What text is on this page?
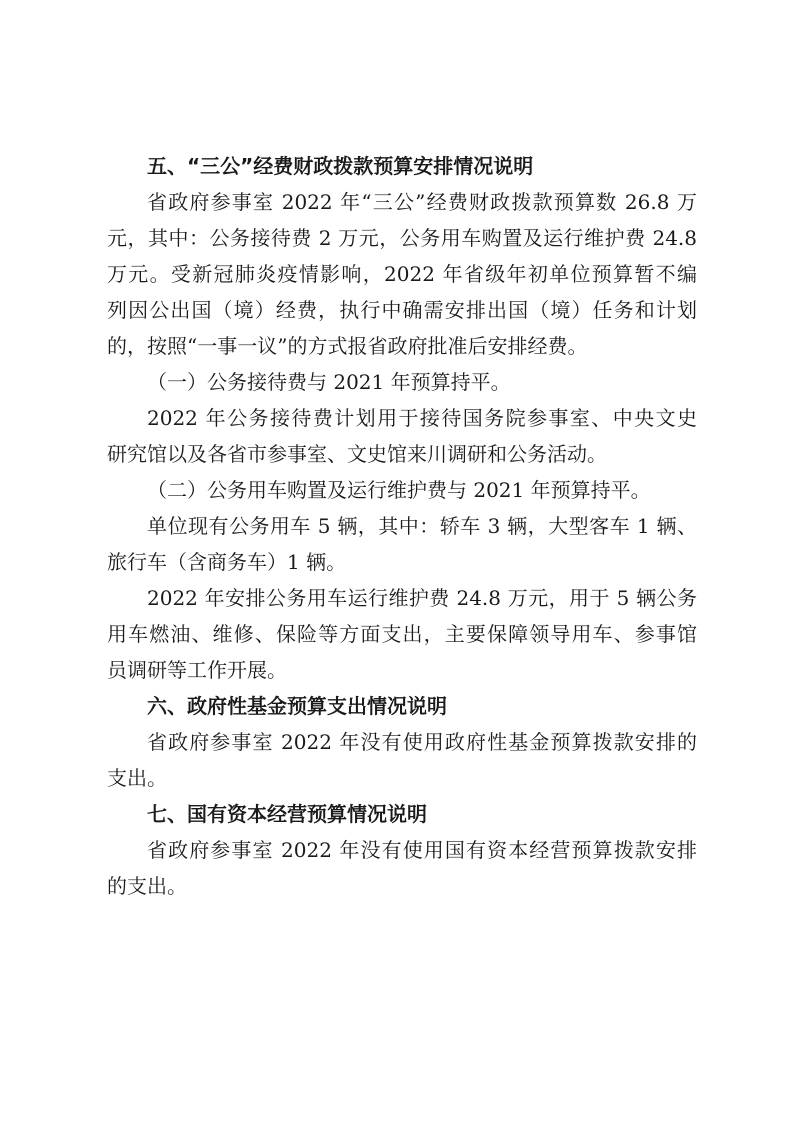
五、“三公”经费财政拨款预算安排情况说明
省政府参事室 2022 年“三公”经费财政拨款预算数 26.8 万
元，其中：公务接待费 2 万元，公务用车购置及运行维护费 24.8
万元。受新冠肺炎疫情影响，2022 年省级年初单位预算暂不编
列因公出国（境）经费，执行中确需安排出国（境）任务和计划
的，按照“一事一议”的方式报省政府批准后安排经费。
（一）公务接待费与 2021 年预算持平。
2022 年公务接待费计划用于接待国务院参事室、中央文史
研究馆以及各省市参事室、文史馆来川调研和公务活动。
（二）公务用车购置及运行维护费与 2021 年预算持平。
单位现有公务用车 5 辆，其中：轿车 3 辆，大型客车 1 辆、
旅行车（含商务车）1 辆。
2022 年安排公务用车运行维护费 24.8 万元，用于 5 辆公务
用车燃油、维修、保险等方面支出，主要保障领导用车、参事馆
员调研等工作开展。
六、政府性基金预算支出情况说明
省政府参事室 2022 年没有使用政府性基金预算拨款安排的
支出。
七、国有资本经营预算情况说明
省政府参事室 2022 年没有使用国有资本经营预算拨款安排
的支出。
